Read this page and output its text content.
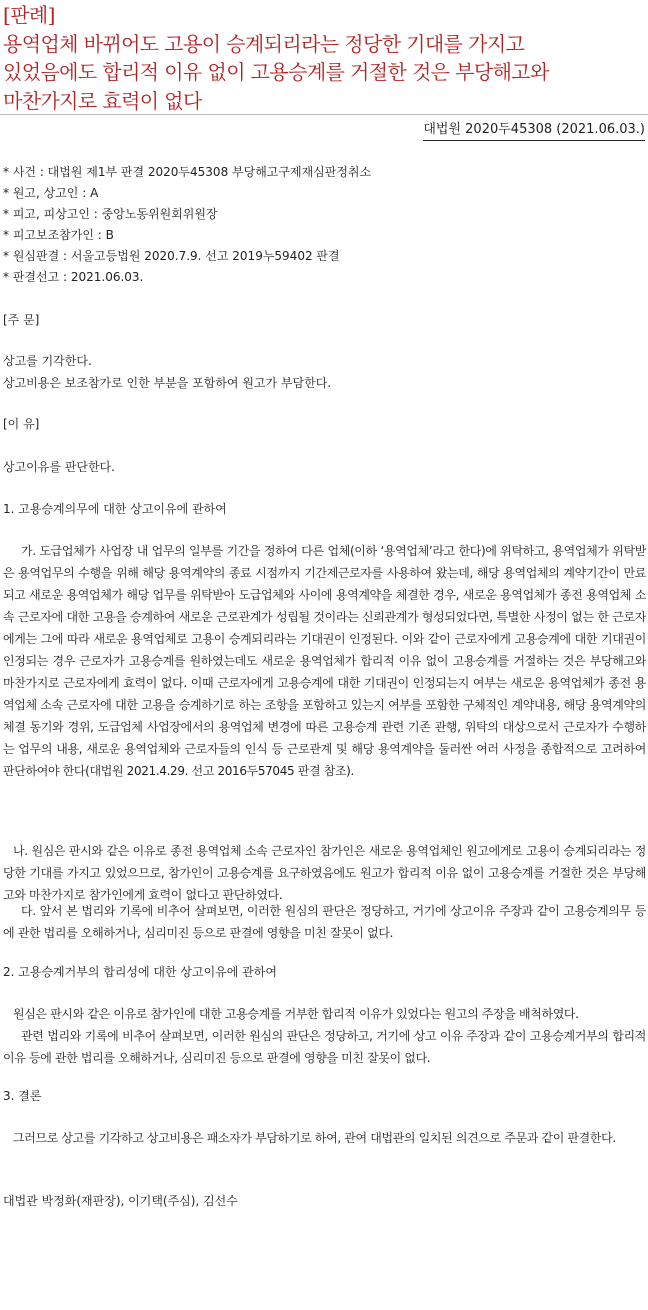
[판례]
용역업체 바뀌어도 고용이 승계되리라는 정당한 기대를 가지고
있었음에도 합리적 이유 없이 고용승계를 거절한 것은 부당해고와
마찬가지로 효력이 없다
대법원 2020두45308 (2021.06.03.)
* 사건 : 대법원 제1부 판결 2020두45308 부당해고구제재심판정취소
* 원고, 상고인 : A
* 피고, 피상고인 : 중앙노동위원회위원장
* 피고보조참가인 : B
* 원심판결 : 서울고등법원 2020.7.9. 선고 2019누59402 판결
* 판결선고 : 2021.06.03.

[주 문]

상고를 기각한다.

상고비용은 보조참가로 인한 부분을 포함하여 원고가 부담한다.

[이 유]

상고이유를 판단한다.

1. 고용승계의무에 대한 상고이유에 관하여

가. 도급업체가 사업장 내 업무의 일부를 기간을 정하여 다른 업체(이하 ‘용역업체’라고 한다)에 위탁하고, 용역업체가 위탁받은 용역업무의 수행을 위해 해당 용역계약의 종료 시점까지 기간제근로자를 사용하여 왔는데, 해당 용역업체의 계약기간이 만료되고 새로운 용역업체가 해당 업무를 위탁받아 도급업체와 사이에 용역계약을 체결한 경우, 새로운 용역업체가 종전 용역업체 소속 근로자에 대한 고용을 승계하여 새로운 근로관계가 성립될 것이라는 신뢰관계가 형성되었다면, 특별한 사정이 없는 한 근로자에게는 그에 따라 새로운 용역업체로 고용이 승계되리라는 기대권이 인정된다. 이와 같이 근로자에게 고용승계에 대한 기대권이 인정되는 경우 근로자가 고용승계를 원하였는데도 새로운 용역업체가 합리적 이유 없이 고용승계를 거절하는 것은 부당해고와 마찬가지로 근로자에게 효력이 없다. 이때 근로자에게 고용승계에 대한 기대권이 인정되는지 여부는 새로운 용역업체가 종전 용역업체 소속 근로자에 대한 고용을 승계하기로 하는 조항을 포함하고 있는지 여부를 포함한 구체적인 계약내용, 해당 용역계약의 체결 동기와 경위, 도급업체 사업장에서의 용역업체 변경에 따른 고용승계 관련 기존 관행, 위탁의 대상으로서 근로자가 수행하는 업무의 내용, 새로운 용역업체와 근로자들의 인식 등 근로관계 및 해당 용역계약을 둘러싼 여러 사정을 종합적으로 고려하여 판단하여야 한다(대법원 2021.4.29. 선고 2016두57045 판결 참조).

나. 원심은 판시와 같은 이유로 종전 용역업체 소속 근로자인 참가인은 새로운 용역업체인 원고에게로 고용이 승계되리라는 정당한 기대를 가지고 있었으므로, 참가인이 고용승계를 요구하였음에도 원고가 합리적 이유 없이 고용승계를 거절한 것은 부당해고와 마찬가지로 참가인에게 효력이 없다고 판단하였다.

다. 앞서 본 법리와 기록에 비추어 살펴보면, 이러한 원심의 판단은 정당하고, 거기에 상고이유 주장과 같이 고용승계의무 등에 관한 법리를 오해하거나, 심리미진 등으로 판결에 영향을 미친 잘못이 없다.

2. 고용승계거부의 합리성에 대한 상고이유에 관하여

원심은 판시와 같은 이유로 참가인에 대한 고용승계를 거부한 합리적 이유가 있었다는 원고의 주장을 배척하였다.

관련 법리와 기록에 비추어 살펴보면, 이러한 원심의 판단은 정당하고, 거기에 상고 이유 주장과 같이 고용승계거부의 합리적 이유 등에 관한 법리를 오해하거나, 심리미진 등으로 판결에 영향을 미친 잘못이 없다.

3. 결론

그러므로 상고를 기각하고 상고비용은 패소자가 부담하기로 하여, 관여 대법관의 일치된 의견으로 주문과 같이 판결한다.

대법관 박정화(재판장), 이기택(주심), 김선수
